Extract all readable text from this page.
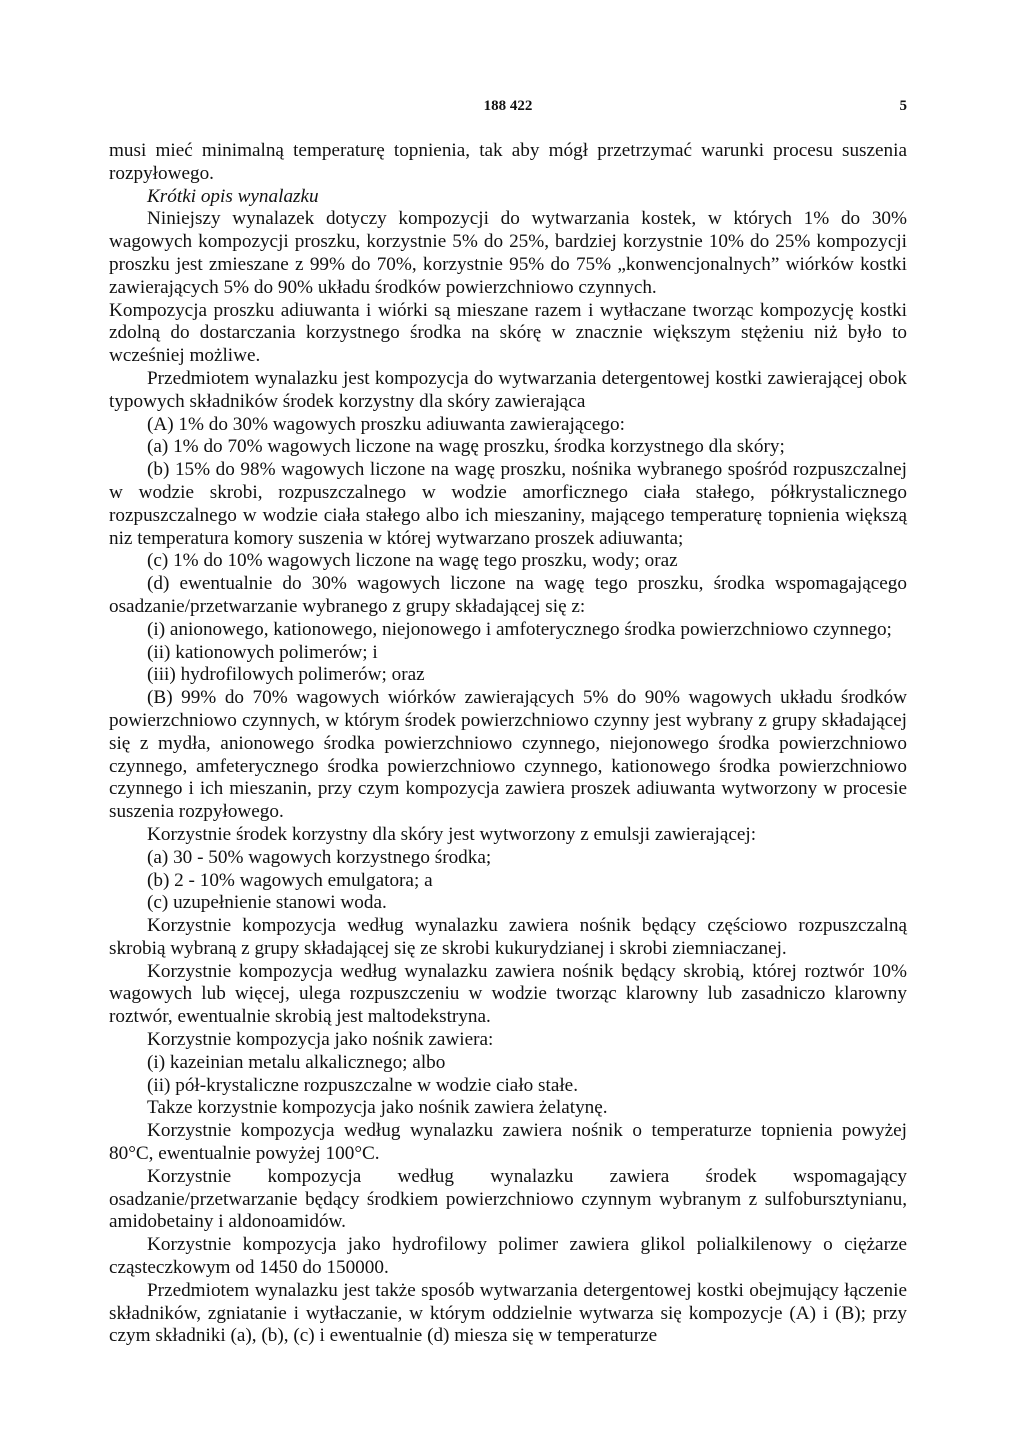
188 422	5

musi mieć minimalną temperaturę topnienia, tak aby mógł przetrzymać warunki procesu suszenia rozpyłowego.

Krótki opis wynalazku

Niniejszy wynalazek dotyczy kompozycji do wytwarzania kostek, w których 1% do 30% wagowych kompozycji proszku, korzystnie 5% do 25%, bardziej korzystnie 10% do 25% kompozycji proszku jest zmieszane z 99% do 70%, korzystnie 95% do 75% „konwencjonalnych” wiórków kostki zawierających 5% do 90% układu środków powierzchniowo czynnych.

Kompozycja proszku adiuwanta i wiórki są mieszane razem i wytłaczane tworząc kompozycję kostki zdolną do dostarczania korzystnego środka na skórę w znacznie większym stężeniu niż było to wcześniej możliwe.

Przedmiotem wynalazku jest kompozycja do wytwarzania detergentowej kostki zawierającej obok typowych składników środek korzystny dla skóry zawierająca

(A) 1% do 30% wagowych proszku adiuwanta zawierającego:

(a) 1% do 70% wagowych liczone na wagę proszku, środka korzystnego dla skóry;

(b) 15% do 98% wagowych liczone na wagę proszku, nośnika wybranego spośród rozpuszczalnej w wodzie skrobi, rozpuszczalnego w wodzie amorficznego ciała stałego, półkrystalicznego rozpuszczalnego w wodzie ciała stałego albo ich mieszaniny, mającego temperaturę topnienia większą niz temperatura komory suszenia w której wytwarzano proszek adiuwanta;

(c) 1% do 10% wagowych liczone na wagę tego proszku, wody; oraz

(d) ewentualnie do 30% wagowych liczone na wagę tego proszku, środka wspomagającego osadzanie/przetwarzanie wybranego z grupy składającej się z:

(i) anionowego, kationowego, niejonowego i amfoterycznego środka powierzchniowo czynnego;

(ii) kationowych polimerów; i

(iii) hydrofilowych polimerów; oraz

(B) 99% do 70% wagowych wiórków zawierających 5% do 90% wagowych układu środków powierzchniowo czynnych, w którym środek powierzchniowo czynny jest wybrany z grupy składającej się z mydła, anionowego środka powierzchniowo czynnego, niejonowego środka powierzchniowo czynnego, amfeterycznego środka powierzchniowo czynnego, kationowego środka powierzchniowo czynnego i ich mieszanin, przy czym kompozycja zawiera proszek adiuwanta wytworzony w procesie suszenia rozpyłowego.

Korzystnie środek korzystny dla skóry jest wytworzony z emulsji zawierającej:

(a) 30 - 50% wagowych korzystnego środka;

(b) 2 - 10% wagowych emulgatora; a

(c) uzupełnienie stanowi woda.

Korzystnie kompozycja według wynalazku zawiera nośnik będący częściowo rozpuszczalną skrobią wybraną z grupy składającej się ze skrobi kukurydzianej i skrobi ziemniaczanej.

Korzystnie kompozycja według wynalazku zawiera nośnik będący skrobią, której roztwór 10% wagowych lub więcej, ulega rozpuszczeniu w wodzie tworząc klarowny lub zasadniczo klarowny roztwór, ewentualnie skrobią jest maltodekstryna.

Korzystnie kompozycja jako nośnik zawiera:

(i) kazeinian metalu alkalicznego; albo

(ii) pół-krystaliczne rozpuszczalne w wodzie ciało stałe.

Takze korzystnie kompozycja jako nośnik zawiera żelatynę.

Korzystnie kompozycja według wynalazku zawiera nośnik o temperaturze topnienia powyżej 80°C, ewentualnie powyżej 100°C.

Korzystnie kompozycja według wynalazku zawiera środek wspomagający osadzanie/przetwarzanie będący środkiem powierzchniowo czynnym wybranym z sulfobursztynianu, amidobetainy i aldonoamidów.

Korzystnie kompozycja jako hydrofilowy polimer zawiera glikol polialkilenowy o ciężarze cząsteczkowym od 1450 do 150000.

Przedmiotem wynalazku jest także sposób wytwarzania detergentowej kostki obejmujący łączenie składników, zgniatanie i wytłaczanie, w którym oddzielnie wytwarza się kompozycje (A) i (B); przy czym składniki (a), (b), (c) i ewentualnie (d) miesza się w temperaturze
